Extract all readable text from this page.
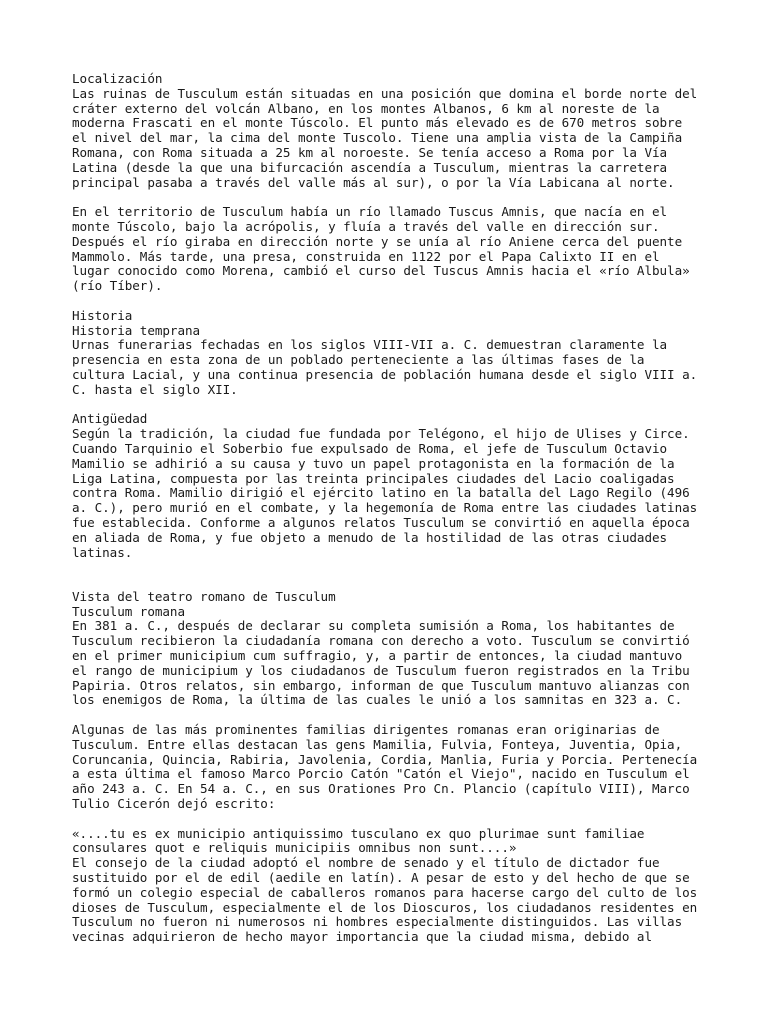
Localización
Las ruinas de Tusculum están situadas en una posición que domina el borde norte del
cráter externo del volcán Albano, en los montes Albanos, 6 km al noreste de la
moderna Frascati en el monte Túscolo. El punto más elevado es de 670 metros sobre
el nivel del mar, la cima del monte Tuscolo. Tiene una amplia vista de la Campiña
Romana, con Roma situada a 25 km al noroeste. Se tenía acceso a Roma por la Vía
Latina (desde la que una bifurcación ascendía a Tusculum, mientras la carretera
principal pasaba a través del valle más al sur), o por la Vía Labicana al norte.
En el territorio de Tusculum había un río llamado Tuscus Amnis, que nacía en el
monte Túscolo, bajo la acrópolis, y fluía a través del valle en dirección sur.
Después el río giraba en dirección norte y se unía al río Aniene cerca del puente
Mammolo. Más tarde, una presa, construida en 1122 por el Papa Calixto II en el
lugar conocido como Morena, cambió el curso del Tuscus Amnis hacia el «río Albula»
(río Tíber).
Historia
Historia temprana
Urnas funerarias fechadas en los siglos VIII-VII a. C. demuestran claramente la
presencia en esta zona de un poblado perteneciente a las últimas fases de la
cultura Lacial, y una continua presencia de población humana desde el siglo VIII a.
C. hasta el siglo XII.
Antigüedad
Según la tradición, la ciudad fue fundada por Telégono, el hijo de Ulises y Circe.
Cuando Tarquinio el Soberbio fue expulsado de Roma, el jefe de Tusculum Octavio
Mamilio se adhirió a su causa y tuvo un papel protagonista en la formación de la
Liga Latina, compuesta por las treinta principales ciudades del Lacio coaligadas
contra Roma. Mamilio dirigió el ejército latino en la batalla del Lago Regilo (496
a. C.), pero murió en el combate, y la hegemonía de Roma entre las ciudades latinas
fue establecida. Conforme a algunos relatos Tusculum se convirtió en aquella época
en aliada de Roma, y fue objeto a menudo de la hostilidad de las otras ciudades
latinas.
Vista del teatro romano de Tusculum
Tusculum romana
En 381 a. C., después de declarar su completa sumisión a Roma, los habitantes de
Tusculum recibieron la ciudadanía romana con derecho a voto. Tusculum se convirtió
en el primer municipium cum suffragio, y, a partir de entonces, la ciudad mantuvo
el rango de municipium y los ciudadanos de Tusculum fueron registrados en la Tribu
Papiria. Otros relatos, sin embargo, informan de que Tusculum mantuvo alianzas con
los enemigos de Roma, la última de las cuales le unió a los samnitas en 323 a. C.
Algunas de las más prominentes familias dirigentes romanas eran originarias de
Tusculum. Entre ellas destacan las gens Mamilia, Fulvia, Fonteya, Juventia, Opia,
Coruncania, Quincia, Rabiria, Javolenia, Cordia, Manlia, Furia y Porcia. Pertenecía
a esta última el famoso Marco Porcio Catón "Catón el Viejo", nacido en Tusculum el
año 243 a. C. En 54 a. C., en sus Orationes Pro Cn. Plancio (capítulo VIII), Marco
Tulio Cicerón dejó escrito:
«....tu es ex municipio antiquissimo tusculano ex quo plurimae sunt familiae
consulares quot e reliquis municipiis omnibus non sunt....»
El consejo de la ciudad adoptó el nombre de senado y el título de dictador fue
sustituido por el de edil (aedile en latín). A pesar de esto y del hecho de que se
formó un colegio especial de caballeros romanos para hacerse cargo del culto de los
dioses de Tusculum, especialmente el de los Dioscuros, los ciudadanos residentes en
Tusculum no fueron ni numerosos ni hombres especialmente distinguidos. Las villas
vecinas adquirieron de hecho mayor importancia que la ciudad misma, debido al
